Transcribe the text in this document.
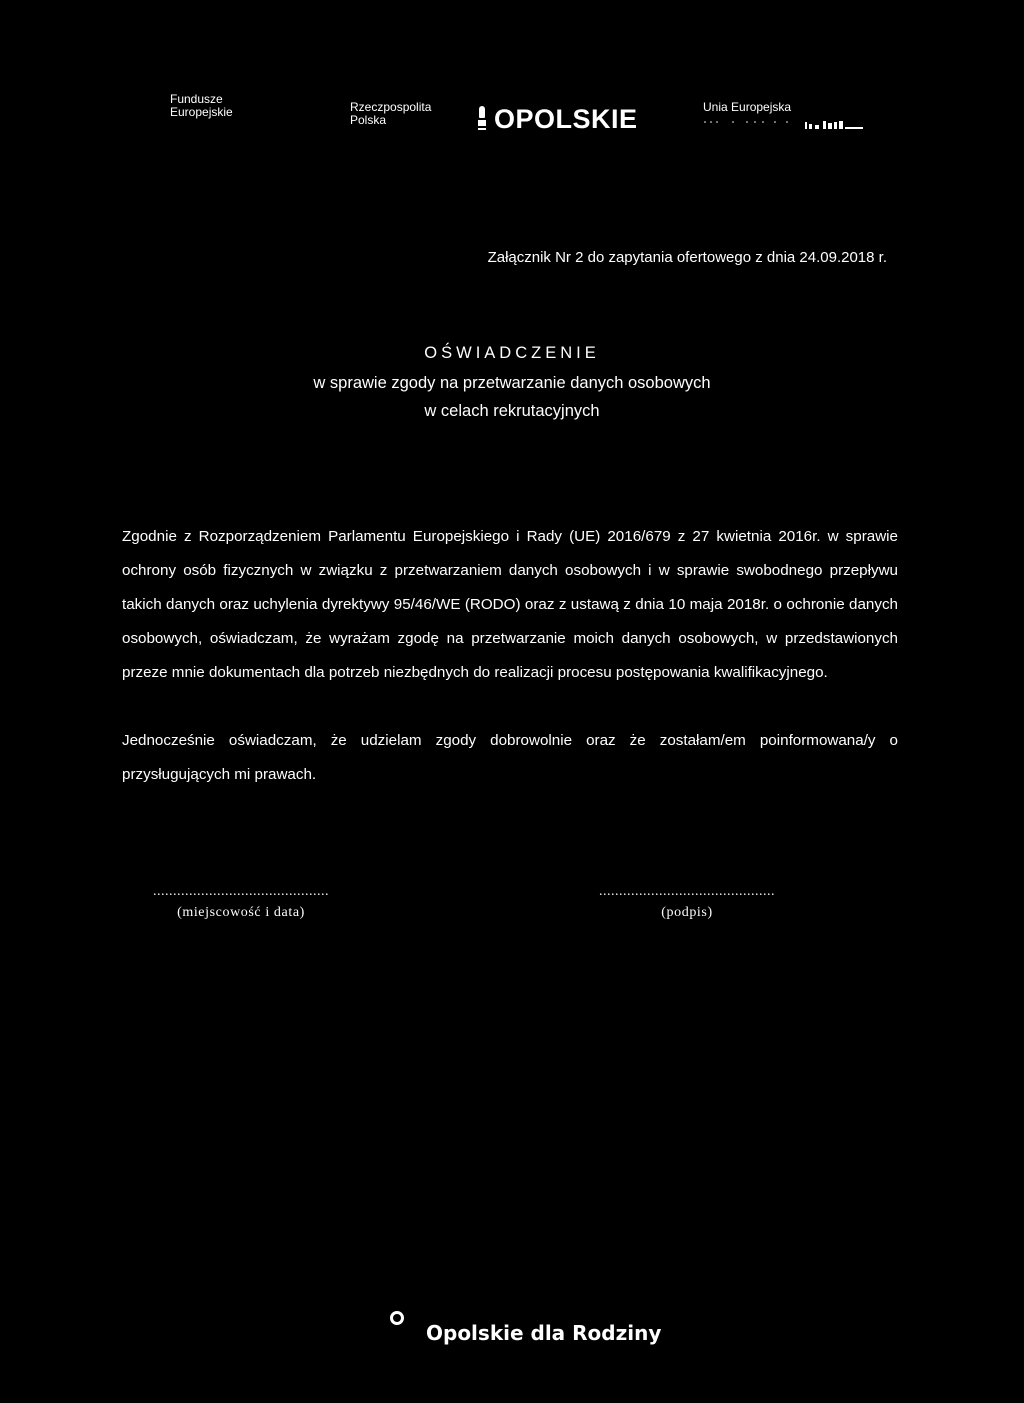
Fundusze
Europejskie	Rzeczpospolita
Polska	OPOLSKIE	Unia Europejska
Załącznik Nr 2 do zapytania ofertowego z dnia 24.09.2018 r.
OŚWIADCZENIE
w sprawie zgody na przetwarzanie danych osobowych
w celach rekrutacyjnych
Zgodnie z Rozporządzeniem Parlamentu Europejskiego i Rady (UE) 2016/679 z 27 kwietnia 2016r. w sprawie ochrony osób fizycznych w związku z przetwarzaniem danych osobowych i w sprawie swobodnego przepływu takich danych oraz uchylenia dyrektywy 95/46/WE (RODO) oraz z ustawą z dnia 10 maja 2018r. o ochronie danych osobowych, oświadczam, że wyrażam zgodę na przetwarzanie moich danych osobowych, w przedstawionych przeze mnie dokumentach dla potrzeb niezbędnych do realizacji procesu postępowania kwalifikacyjnego.
Jednocześnie oświadczam, że udzielam zgody dobrowolnie oraz że zostałam/em poinformowana/y o przysługujących mi prawach.
............................................
(miejscowość i data)
............................................
(podpis)
Opolskie dla Rodziny
